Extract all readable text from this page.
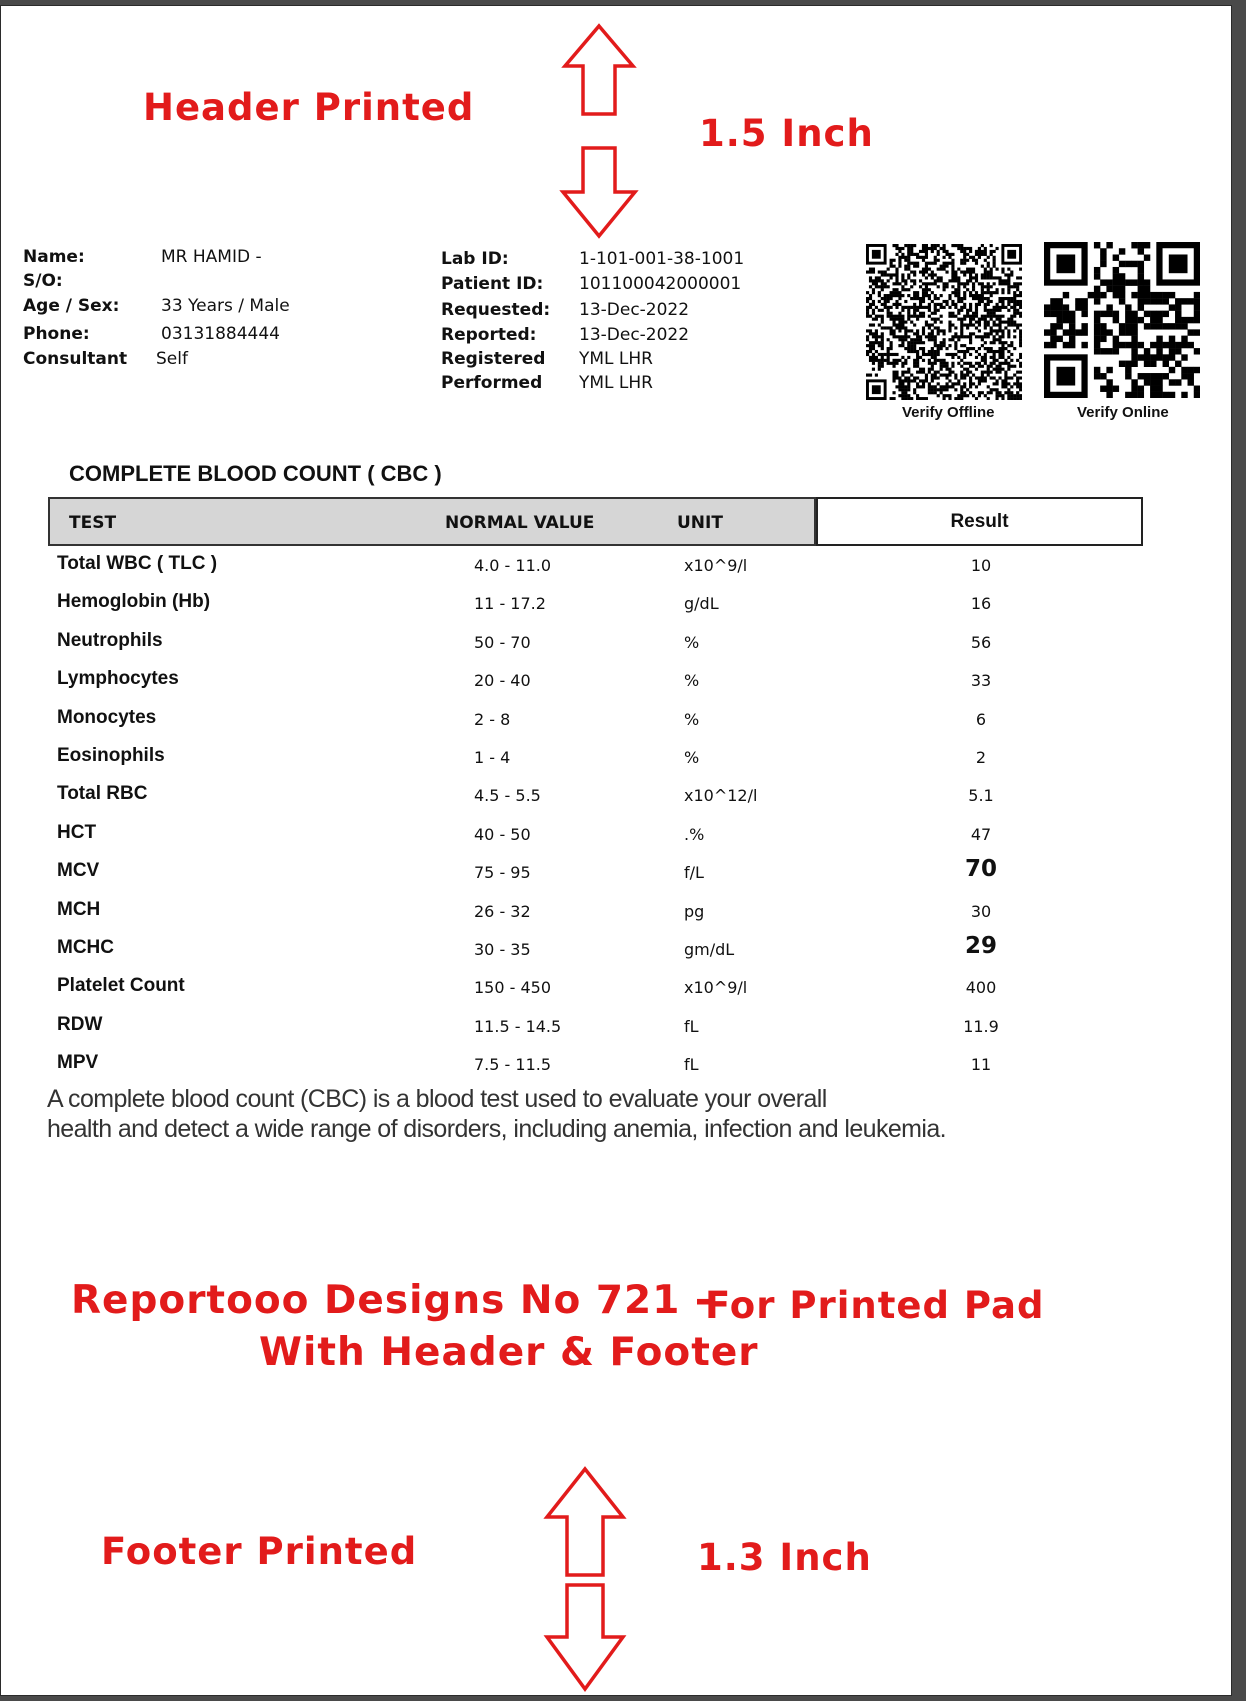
Header Printed
1.5 Inch
Name:	MR HAMID -
S/O:
Age / Sex: 33 Years / Male
Phone:	03131884444
Consultant Self
Lab ID:	1-101-001-38-1001
Patient ID: 101100042000001
Requested: 13-Dec-2022
Reported:	13-Dec-2022
Registered YML LHR
Performed YML LHR
Verify Offline	Verify Online
COMPLETE BLOOD COUNT ( CBC )
TEST	NORMAL VALUE	UNIT	Result
Total WBC ( TLC )	4.0 - 11.0	x10^9/l	10
Hemoglobin (Hb)	11 - 17.2	g/dL	16
Neutrophils	50 - 70	%	56
Lymphocytes	20 - 40	%	33
Monocytes	2 - 8	%	6
Eosinophils	1 - 4	%	2
Total RBC	4.5 - 5.5	x10^12/l	5.1
HCT	40 - 50	.%	47
MCV	75 - 95	f/L	70
MCH	26 - 32	pg	30
MCHC	30 - 35	gm/dL	29
Platelet Count	150 - 450	x10^9/l	400
RDW	11.5 - 14.5	fL	11.9
MPV	7.5 - 11.5	fL	11
A complete blood count (CBC) is a blood test used to evaluate your overall
health and detect a wide range of disorders, including anemia, infection and leukemia.
Reportooo Designs No 721 -
For Printed Pad
With Header & Footer
Footer Printed	1.3 Inch
